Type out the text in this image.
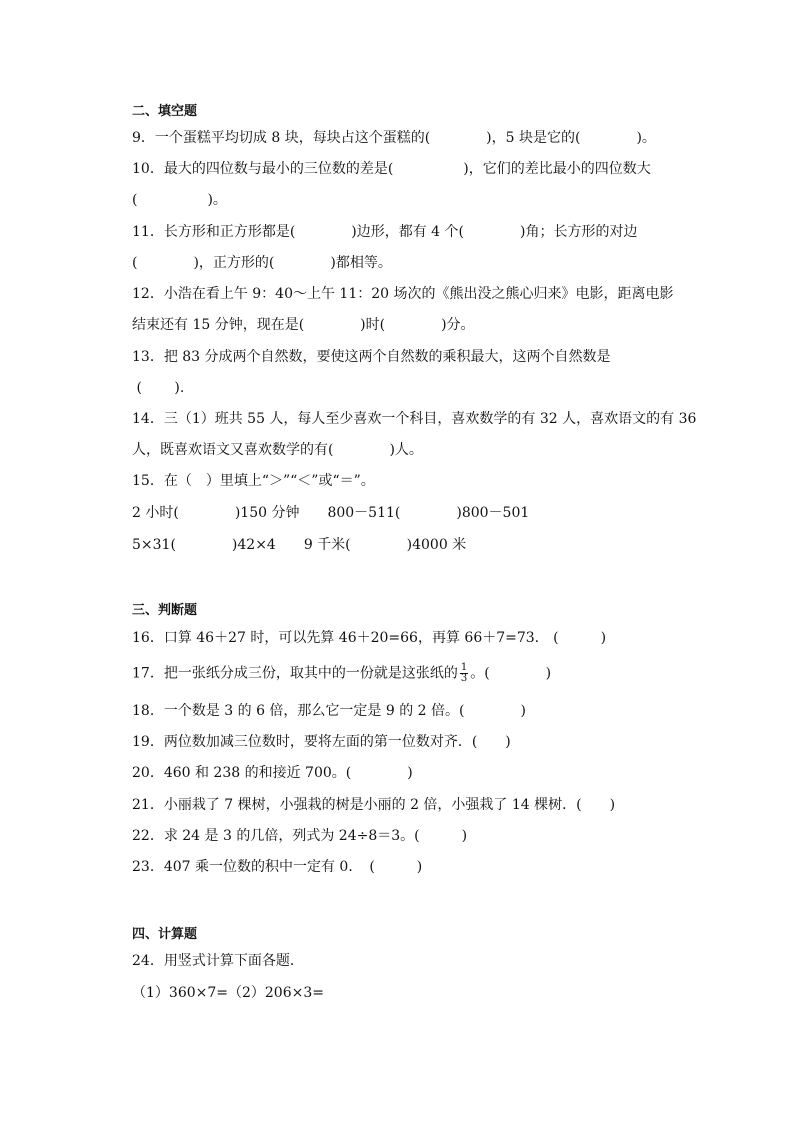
二、填空题
9．一个蛋糕平均切成 8 块，每块占这个蛋糕的(　　　　)，5 块是它的(　　　　)。
10．最大的四位数与最小的三位数的差是(　　　　　)，它们的差比最小的四位数大
(　　　　　)。
11．长方形和正方形都是(　　　　)边形，都有 4 个(　　　　)角；长方形的对边
(　　　　)，正方形的(　　　　)都相等。
12．小浩在看上午 9：40～上午 11：20 场次的《熊出没之熊心归来》电影，距离电影
结束还有 15 分钟，现在是(　　　　)时(　　　　)分。
13．把 83 分成两个自然数，要使这两个自然数的乘积最大，这两个自然数是
(　　 ).
14．三（1）班共 55 人，每人至少喜欢一个科目，喜欢数学的有 32 人，喜欢语文的有 36
人，既喜欢语文又喜欢数学的有(　　　　)人。
15．在（　）里填上“＞”“＜”或“＝”。
2 小时(　　　　)150 分钟　　800－511(　　　　)800－501
5×31(　　　　)42×4　　9 千米(　　　　)4000 米
三、判断题
16．口算 46＋27 时，可以先算 46＋20=66，再算 66＋7=73.　(　　　)
17．把一张纸分成三份，取其中的一份就是这张纸的 $\frac{1}{3}$ 。(　　　　)
18．一个数是 3 的 6 倍，那么它一定是 9 的 2 倍。(　　　　)
19．两位数加减三位数时，要将左面的第一位数对齐．(　　)
20．460 和 238 的和接近 700。(　　　　)
21．小丽栽了 7 棵树，小强栽的树是小丽的 2 倍，小强栽了 14 棵树．(　　)
22．求 24 是 3 的几倍，列式为 24÷8＝3。(　　　)
23．407 乘一位数的积中一定有 0．　(　　　)
四、计算题
24．用竖式计算下面各题．
（1）360×7=（2）206×3=
